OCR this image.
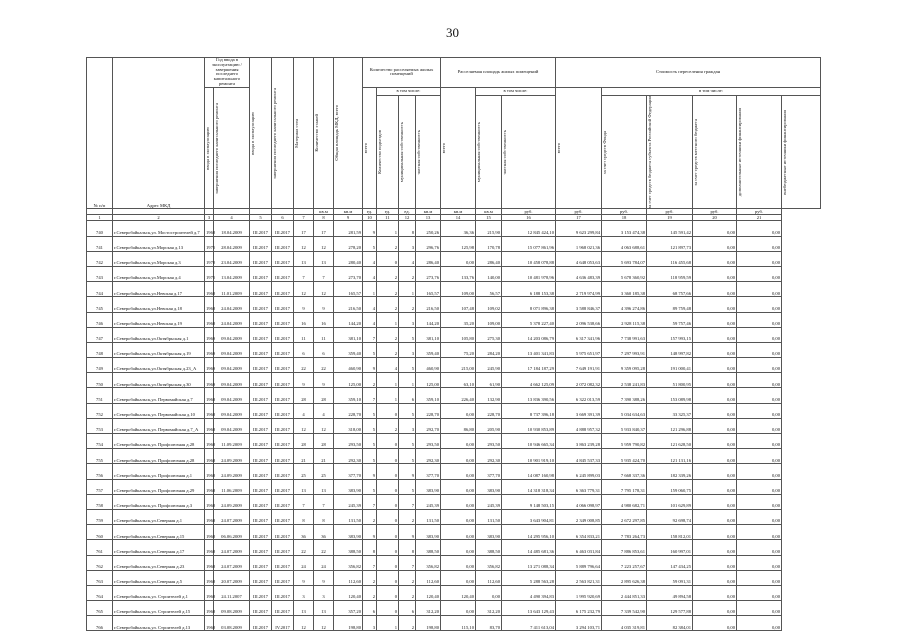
30
№ п/п	Адрес МКД	Год ввода в эксплуатацию / завершения последнего капитального ремонта		ввода в эксплуатацию	завершения последнего капитального ремонта	Материал стен	Количество этажей	Общая площадь МКД, всего	Количество расселяемых жилых помещений				Расселяемая площадь жилых помещений			Стоимость переселения граждан					

		ввода в эксплуатацию	завершения последнего капитального ремонта						всего	в том числе:			всего	в том числе:		всего	в том числе:				

										Количество подъездов	муниципальная собственность	частная собственность		муниципальная собственность	частная собственность		за счет средств Фонда	за счет средств бюджета субъекта Российской Федерации	за счет средств местного бюджета	дополнительные источники финансирования	внебюджетные источники финансирования

							кв.м	кв.м	ед.	ед.	ед.	кв.м	кв.м	кв.м	руб.	руб.	руб.	руб.	руб.	руб.	
1	2	3	4	5	6	7	8	9	10	11	12	13	14	15	16	17	18	19	20	21	
740	г.Северобайкальск,ул. Мостостроителей д.7	1968	18.04.2009	III.2017	III.2017	17	17	281,59	9	1	8	250,26	36,36	215,90	12 845 424,10	9 623 299,84	3 153 474,38	145 591,42	0,00	0,00	
741	г.Северобайкальск,ул.Морская д.13	1975	28.04.2009	III.2017	III.2017	12	12	278,20	5	2	3	296,76	125,98	170,78	15 077 861,96	1 968 021,36	4 063 688,61	121 897,73	0,00	0,00	
742	г.Северобайкальск,ул.Морская д.3	1970	23.04.2009	III.2017	III.2017	13	13	280,40	4	0	4	286,40	0,00	286,40	10 458 078,88	4 648 053,63	5 693 784,07	116 455,68	0,00	0,00	
743	г.Северобайкальск,ул.Морская д.4	1975	13.04.2009	III.2017	III.2017	7	7	273,70	4	2	2	273,76	133,76	140,00	10 481 978,96	4 636 483,39	5 678 360,92	118 959,59	0,00	0,00	
744	г.Северобайкальск,ул.Невская д.17	1968	11.01.2009	III.2017	III.2017	12	12	165,57	1	2	1	165,57	109,00	56,57	6 188 153,38	2 719 974,99	3 360 185,38	68 757,66	0,00	0,00	
745	г.Северобайкальск,ул.Невская д.18	1968	24.04.2009	III.2017	III.2017	9	9	216,50	4	2	2	216,50	107,48	109,02	8 071 896,38	3 588 846,37	4 396 274,86	89 759,48	0,00	0,00	
746	г.Северобайкальск,ул.Невская д.19	1968	24.04.2009	III.2017	III.2017	16	16	144,20	4	1	3	144,20	35,20	109,00	5 378 227,40	2 096 538,66	2 928 115,38	59 757,46	0,00	0,00	
747	г.Северобайкальск,ул.Октябрьская д.1	1969	09.04.2009	III.2017	III.2017	11	11	381,10	7	2	5	381,10	105,80	275,30	14 203 086,79	6 317 341,96	7 738 991,63	157 993,15	0,00	0,00	
748	г.Северобайкальск,ул.Октябрьская д.19	1969	09.04.2009	III.2017	III.2017	6	6	359,40	5	2	3	359,40	75,20	284,20	13 401 341,83	5 975 651,97	7 297 993,91	148 997,82	0,00	0,00	
749	г.Северобайкальск,ул.Октябрьская д.23_А	1969	09.04.2009	III.2017	III.2017	22	22	460,90	9	4	5	460,90	215,00	245,90	17 184 187,29	7 649 191,91	9 359 095,28	191 000,41	0,00	0,00	
750	г.Северобайкальск,ул.Октябрьская д.30	1969	09.04.2009	III.2017	III.2017	9	9	125,00	2	1	1	125,00	63,10	61,90	4 662 125,09	2 072 082,32	2 538 241,83	51 800,95	0,00	0,00	
751	г.Северобайкальск,ул. Первомайская д.7	1968	09.04.2009	III.2017	III.2017	28	28	359,10	7	1	6	359,10	226,40	132,90	13 836 390,56	6 322 013,59	7 390 388,26	153 089,98	0,00	0,00	
752	г.Северобайкальск,ул. Первомайская д.10	1968	09.04.2009	III.2017	III.2017	4	4	228,70	5	0	5	228,70	0,00	228,70	8 737 396,18	3 669 391,39	5 034 634,63	33 325,37	0,00	0,00	
753	г.Северобайкальск,ул. Первомайская д.7_А	1968	09.04.2009	III.2017	III.2017	12	12	318,00	5	2	3	292,70	86,80	205,90	10 930 853,89	4 888 957,32	5 933 840,37	121 296,88	0,00	0,00	
754	г.Северобайкальск,ул. Профсоюзная д.28	1968	11.09.2009	III.2017	III.2017	28	28	293,50	5	0	5	293,50	0,00	293,50	10 946 665,34	3 863 239,28	5 959 790,82	121 628,50	0,00	0,00	
755	г.Северобайкальск,ул. Профсоюзная д.28	1968	24.09.2009	III.2017	III.2017	21	21	292,30	5	0	5	292,30	0,00	292,30	10 901 919,10	4 845 537,33	5 935 424,70	121 131,16	0,00	0,00	
756	г.Северобайкальск,ул. Профсоюзная д.1	1968	24.09.2009	III.2017	III.2017	25	25	377,70	9	0	9	377,70	0,00	377,70	14 087 160,98	6 245 899,03	7 668 337,36	182 339,26	0,00	0,00	
757	г.Северобайкальск,ул. Профсоюзная д.29	1968	11.06.2009	III.2017	III.2017	13	13	383,90	5	0	5	383,90	0,00	383,90	14 318 318,34	6 363 779,31	7 795 178,31	159 060,75	0,00	0,00	
758	г.Северобайкальск,ул. Профсоюзная д.3	1968	24.09.2009	III.2017	III.2017	7	7	245,39	7	0	7	245,39	0,00	245,39	9 148 503,15	4 066 098,97	4 980 682,71	101 629,89	0,00	0,00	
759	г.Северобайкальск,ул.Северная д.1	1968	24.07.2009	III.2017	III.2017	8	8	131,50	2	0	2	131,50	0,00	131,50	3 643 904,81	2 349 008,85	2 672 297,85	92 698,74	0,00	0,00	
760	г.Северобайкальск,ул.Северная д.15	1968	06.06.2009	III.2017	III.2017	36	36	383,90	9	0	9	383,90	0,00	383,90	14 295 956,10	6 354 833,21	7 783 264,73	158 812,01	0,00	0,00	
761	г.Северобайкальск,ул.Северная д.17	1968	24.07.2009	III.2017	III.2017	22	22	388,50	8	0	8	388,50	0,00	388,50	14 485 681,36	6 463 031,84	7 886 853,61	160 997,01	0,00	0,00	
762	г.Северобайкальск,ул.Северная д.23	1968	24.07.2009	III.2017	III.2017	24	24	356,82	7	0	7	356,82	0,00	356,82	13 271 088,34	5 889 796,64	7 223 257,67	147 434,25	0,00	0,00	
763	г.Северобайкальск,ул.Северная д.5	1968	20.07.2009	III.2017	III.2017	9	9	112,60	2	0	2	112,60	0,00	112,60	5 288 563,28	2 563 821,31	2 895 626,38	59 091,31	0,00	0,00	
764	г.Северобайкальск,ул. Строителей д.1	1968	24.11.2007	III.2017	III.2017	3	3	120,40	2	0	2	120,40	120,40	0,00	4 490 394,83	1 995 920,69	2 444 851,33	49 894,58	0,00	0,00	
765	г.Северобайкальск,ул. Строителей д.15	1968	09.08.2009	III.2017	III.2017	13	13	357,20	6	0	6	312,20	0,00	312,20	13 643 129,43	6 175 232,79	7 339 542,90	129 577,88	0,00	0,00	
766	г.Северобайкальск,ул. Строителей д.13	1968	03.08.2009	III.2017	IV.2017	12	12	198,80	3	1	2	198,80	115,10	83,70	7 411 613,04	3 294 103,71	4 035 319,81	82 384,01	0,00	0,00	
